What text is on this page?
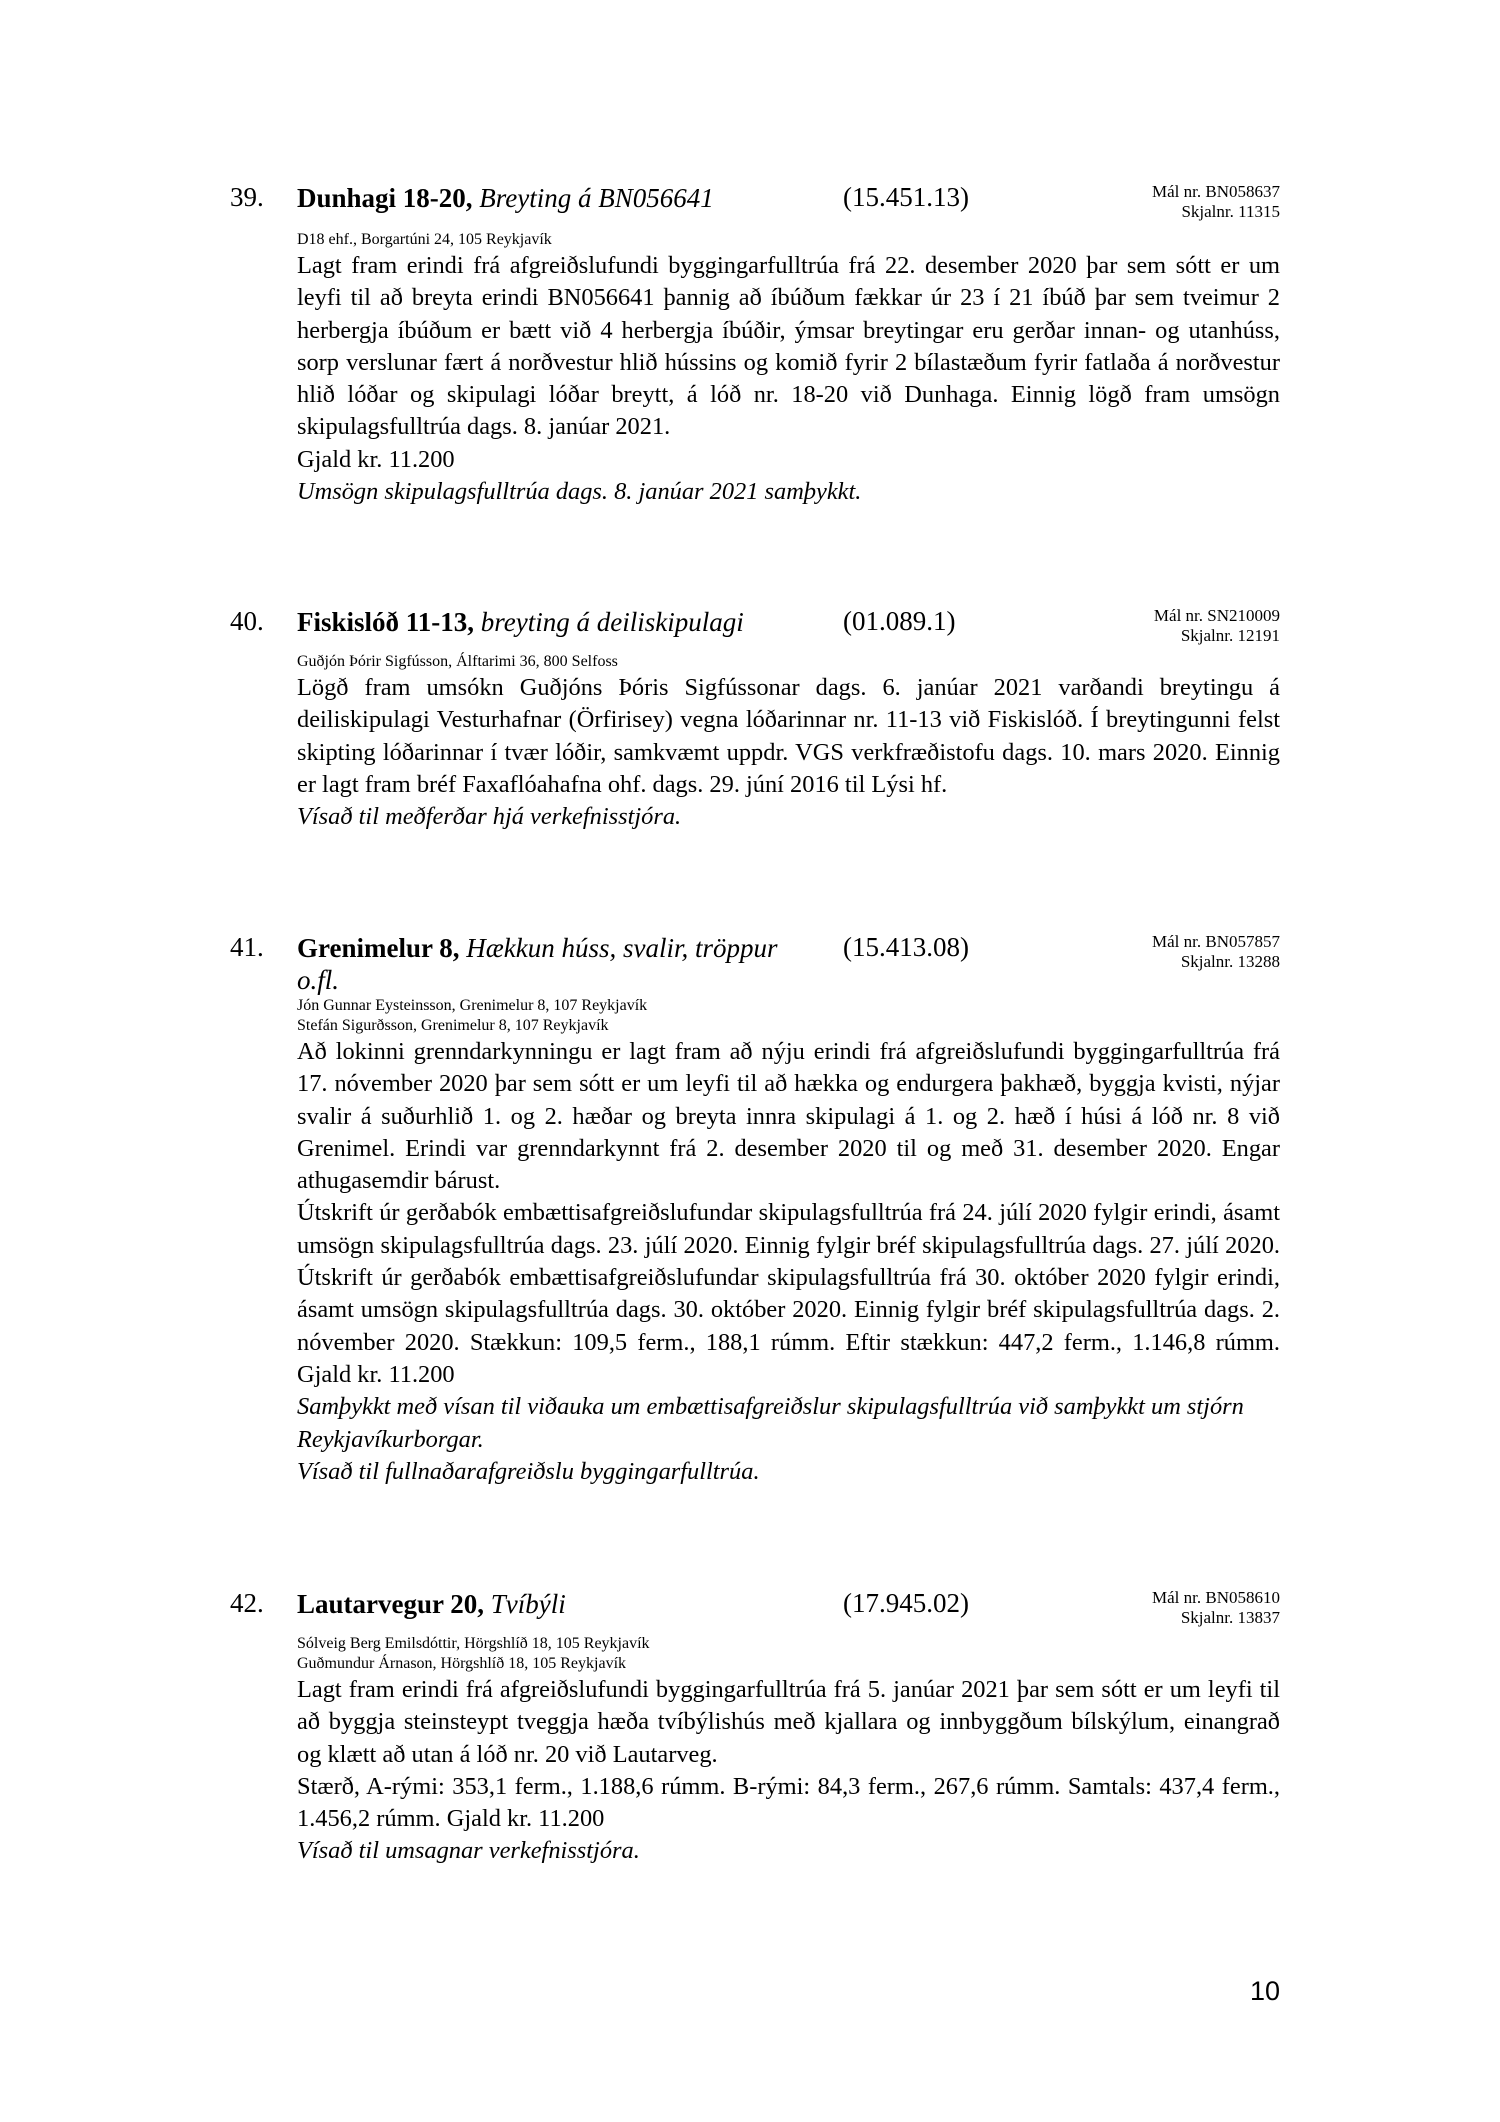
39. Dunhagi 18-20, Breyting á BN056641	(15.451.13)	Mál nr. BN058637
Skjalnr. 11315
D18 ehf., Borgartúni 24, 105 Reykjavík

Lagt fram erindi frá afgreiðslufundi byggingarfulltrúa frá 22. desember 2020 þar sem sótt er um leyfi til að breyta erindi BN056641 þannig að íbúðum fækkar úr 23 í 21 íbúð þar sem tveimur 2 herbergja íbúðum er bætt við 4 herbergja íbúðir, ýmsar breytingar eru gerðar innan- og utanhúss, sorp verslunar fært á norðvestur hlið hússins og komið fyrir 2 bílastæðum fyrir fatlaða á norðvestur hlið lóðar og skipulagi lóðar breytt, á lóð nr. 18-20 við Dunhaga. Einnig lögð fram umsögn skipulagsfulltrúa dags. 8. janúar 2021.

Gjald kr. 11.200

Umsögn skipulagsfulltrúa dags. 8. janúar 2021 samþykkt.

40. Fiskislóð 11-13, breyting á deiliskipulagi	(01.089.1)	Mál nr. SN210009
Skjalnr. 12191
Guðjón Þórir Sigfússon, Álftarimi 36, 800 Selfoss

Lögð fram umsókn Guðjóns Þóris Sigfússonar dags. 6. janúar 2021 varðandi breytingu á deiliskipulagi Vesturhafnar (Örfirisey) vegna lóðarinnar nr. 11-13 við Fiskislóð. Í breytingunni felst skipting lóðarinnar í tvær lóðir, samkvæmt uppdr. VGS verkfræðistofu dags. 10. mars 2020. Einnig er lagt fram bréf Faxaflóahafna ohf. dags. 29. júní 2016 til Lýsi hf.

Vísað til meðferðar hjá verkefnisstjóra.

41. Grenimelur 8, Hækkun húss, svalir, tröppur o.fl.
(15.413.08)	Mál nr. BN057857
Skjalnr. 13288
Jón Gunnar Eysteinsson, Grenimelur 8, 107 Reykjavík
Stefán Sigurðsson, Grenimelur 8, 107 Reykjavík

Að lokinni grenndarkynningu er lagt fram að nýju erindi frá afgreiðslufundi byggingarfulltrúa frá 17. nóvember 2020 þar sem sótt er um leyfi til að hækka og endurgera þakhæð, byggja kvisti, nýjar svalir á suðurhlið 1. og 2. hæðar og breyta innra skipulagi á 1. og 2. hæð í húsi á lóð nr. 8 við Grenimel. Erindi var grenndarkynnt frá 2. desember 2020 til og með 31. desember 2020. Engar athugasemdir bárust.

Útskrift úr gerðabók embættisafgreiðslufundar skipulagsfulltrúa frá 24. júlí 2020 fylgir erindi, ásamt umsögn skipulagsfulltrúa dags. 23. júlí 2020. Einnig fylgir bréf skipulagsfulltrúa dags. 27. júlí 2020. Útskrift úr gerðabók embættisafgreiðslufundar skipulagsfulltrúa frá 30. október 2020 fylgir erindi, ásamt umsögn skipulagsfulltrúa dags. 30. október 2020. Einnig fylgir bréf skipulagsfulltrúa dags. 2. nóvember 2020. Stækkun: 109,5 ferm., 188,1 rúmm. Eftir stækkun: 447,2 ferm., 1.146,8 rúmm. Gjald kr. 11.200

Samþykkt með vísan til viðauka um embættisafgreiðslur skipulagsfulltrúa við samþykkt um stjórn Reykjavíkurborgar.

Vísað til fullnaðarafgreiðslu byggingarfulltrúa.

42. Lautarvegur 20, Tvíbýli	(17.945.02)	Mál nr. BN058610
Skjalnr. 13837
Sólveig Berg Emilsdóttir, Hörgshlíð 18, 105 Reykjavík
Guðmundur Árnason, Hörgshlíð 18, 105 Reykjavík

Lagt fram erindi frá afgreiðslufundi byggingarfulltrúa frá 5. janúar 2021 þar sem sótt er um leyfi til að byggja steinsteypt tveggja hæða tvíbýlishús með kjallara og innbyggðum bílskýlum, einangrað og klætt að utan á lóð nr. 20 við Lautarveg.

Stærð, A-rými: 353,1 ferm., 1.188,6 rúmm. B-rými: 84,3 ferm., 267,6 rúmm. Samtals: 437,4 ferm., 1.456,2 rúmm. Gjald kr. 11.200

Vísað til umsagnar verkefnisstjóra.

10
